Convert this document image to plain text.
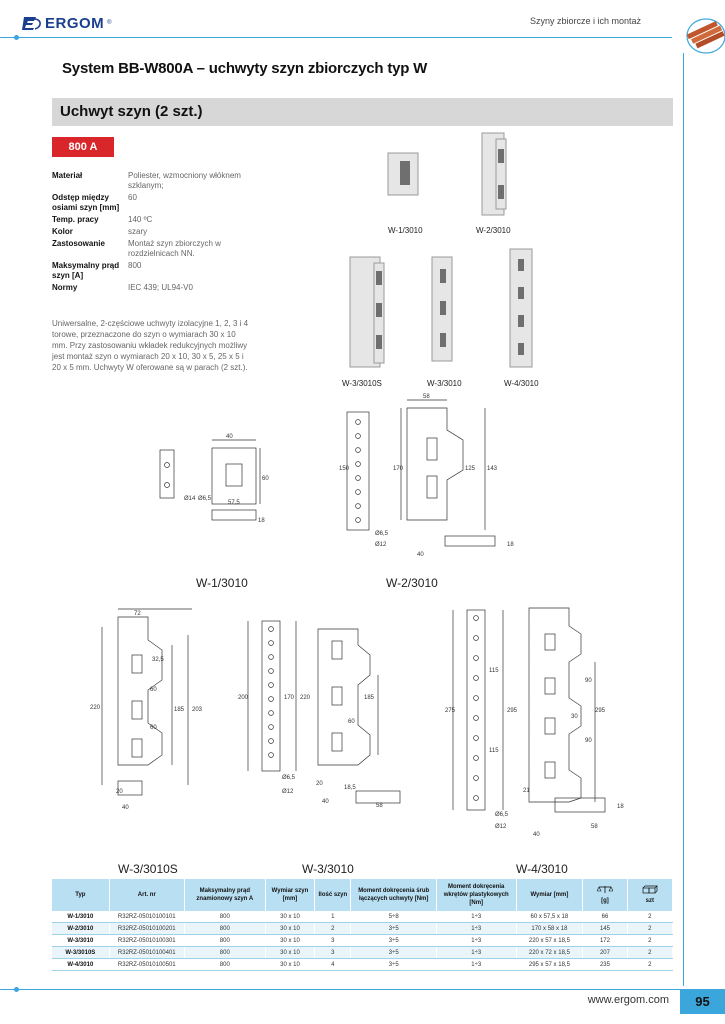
ERGOM ®	Szyny zbiorcze i ich montaż
System BB-W800A – uchwyty szyn zbiorczych typ W
Uchwyt szyn (2 szt.)
800 A
Materiał	Poliester, wzmocniony włóknem szklanym;
Odstęp między osiami szyn [mm]	60
Temp. pracy	140 ºC
Kolor	szary
Zastosowanie	Montaż szyn zbiorczych w rozdzielnicach NN.
Maksymalny prąd szyn [A]	800
Normy	IEC 439; UL94-V0
Uniwersalne, 2-częściowe uchwyty izolacyjne 1, 2, 3 i 4 torowe, przeznaczone do szyn o wymiarach 30 x 10 mm. Przy zastosowaniu wkładek redukcyjnych możliwy jest montaż szyn o wymiarach 20 x 10, 30 x 5, 25 x 5 i 20 x 5 mm. Uchwyty W oferowane są w parach (2 szt.).
W-1/3010	W-2/3010
W-3/3010S	W-3/3010	W-4/3010
40
60
57,5
Ø14 Ø6,5
18
58
150	170	125 143
Ø6,5
Ø12
40
18
W-1/3010	W-2/3010
72
220	185 203
32,5
60
60
20
40
200	170 220	185
60
Ø6,5
Ø12
20
40
18,5
58
275	295
115
115
90
90
295
30
Ø6,5
Ø12
21
40
58
18
W-3/3010S	W-3/3010	W-4/3010
Typ	Art. nr	Maksymalny prąd znamionowy szyn A	Wymiar szyn [mm]	Ilość szyn	Moment dokręcenia śrub łączących uchwyty [Nm]	Moment dokręcenia wkrętów plastykowych [Nm]	Wymiar [mm]	[g]	szt
W-1/3010	R32RZ-05010100101	800	30 x 10	1	5÷8	1÷3	60 x 57,5 x 18	66	2
W-2/3010	R32RZ-05010100201	800	30 x 10	2	3÷5	1÷3	170 x 58 x 18	145	2
W-3/3010	R32RZ-05010100301	800	30 x 10	3	3÷5	1÷3	220 x 57 x 18,5	172	2
W-3/3010S	R32RZ-05010100401	800	30 x 10	3	3÷5	1÷3	220 x 72 x 18,5	207	2
W-4/3010	R32RZ-05010100501	800	30 x 10	4	3÷5	1÷3	295 x 57 x 18,5	235	2
www.ergom.com	95
